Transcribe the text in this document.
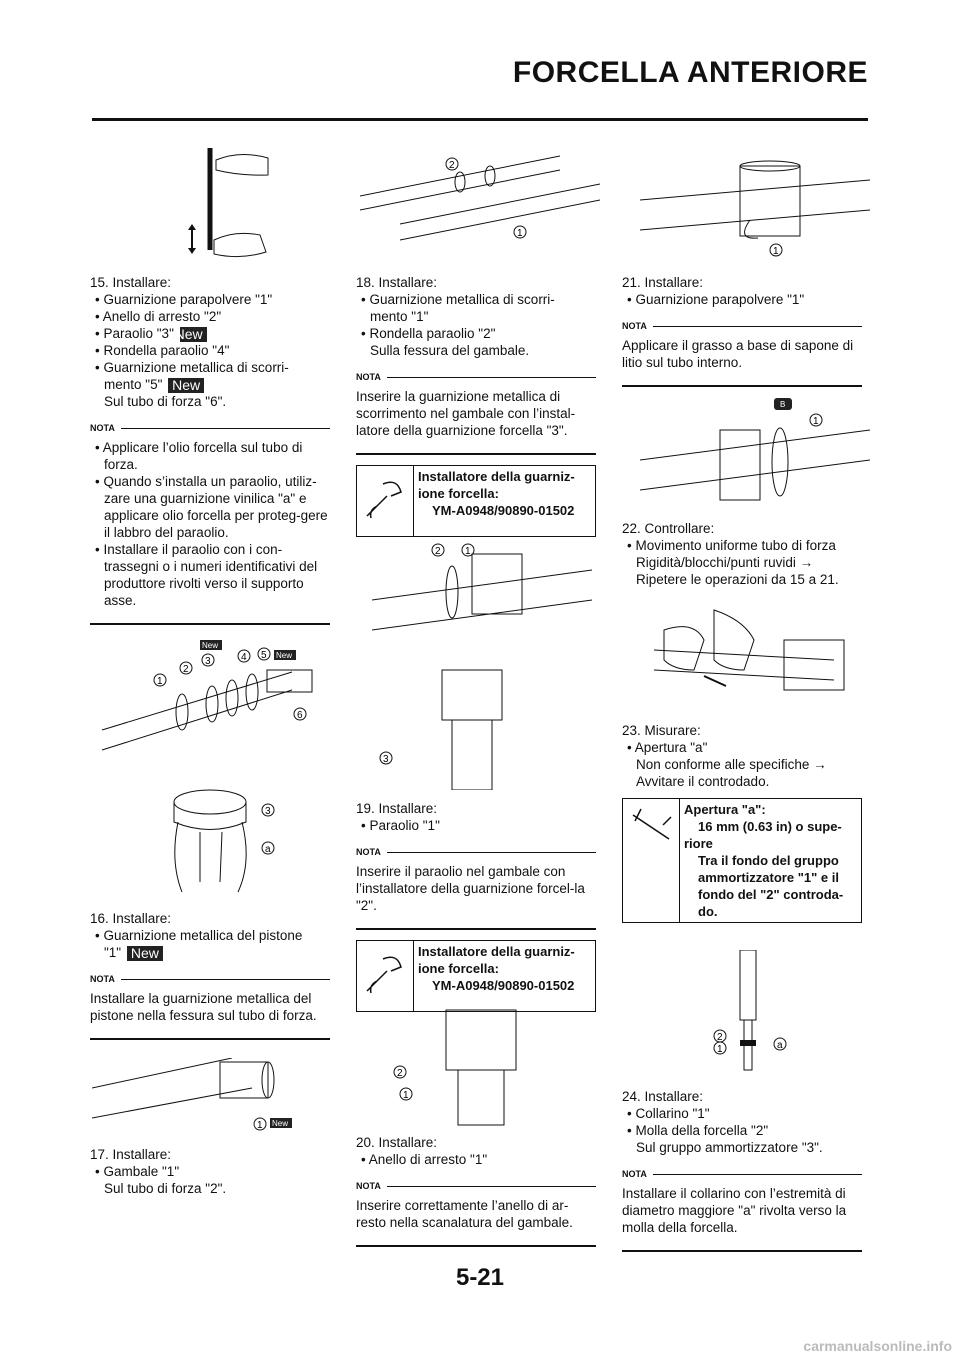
FORCELLA ANTERIORE
15. Installare:
• Guarnizione parapolvere "1"
• Anello di arresto "2"
• Paraolio "3" New
• Rondella paraolio "4"
• Guarnizione metallica di scorri-
mento "5" New
Sul tubo di forza "6".
NOTA
• Applicare l’olio forcella sul tubo di forza.
• Quando s’installa un paraolio, utiliz-zare una guarnizione vinilica "a" e applicare olio forcella per proteg-gere il labbro del paraolio.
• Installare il paraolio con i con-trassegni o i numeri identificativi del produttore rivolti verso il supporto asse.
1
2
3	4 5
6
New
New
3
a
16. Installare:
• Guarnizione metallica del pistone
"1" New
NOTA
Installare la guarnizione metallica del pistone nella fessura sul tubo di forza.
1 New
17. Installare:
• Gambale "1"
Sul tubo di forza "2".
2
1
18. Installare:
• Guarnizione metallica di scorri-
mento "1"
• Rondella paraolio "2"
Sulla fessura del gambale.
NOTA
Inserire la guarnizione metallica di scorrimento nel gambale con l’instal-latore della guarnizione forcella "3".
Installatore della guarniz-
ione forcella:
YM-A0948/90890-01502
2 1
3
19. Installare:
• Paraolio "1"
NOTA
Inserire il paraolio nel gambale con l’installatore della guarnizione forcel-la "2".
Installatore della guarniz-
ione forcella:
YM-A0948/90890-01502
2
1
20. Installare:
• Anello di arresto "1"
NOTA
Inserire correttamente l’anello di ar-resto nella scanalatura del gambale.
1
21. Installare:
• Guarnizione parapolvere "1"
NOTA
Applicare il grasso a base di sapone di litio sul tubo interno.
B
1
22. Controllare:
• Movimento uniforme tubo di forza
Rigidità/blocchi/punti ruvidi →
Ripetere le operazioni da 15 a 21.
23. Misurare:
• Apertura "a"
Non conforme alle specifiche →
Avvitare il controdado.
Apertura "a":
16 mm (0.63 in) o supe-
riore
Tra il fondo del gruppo
ammortizzatore "1" e il
fondo del "2" controda-
do.
2
1	a
24. Installare:
• Collarino "1"
• Molla della forcella "2"
Sul gruppo ammortizzatore "3".
NOTA
Installare il collarino con l’estremità di diametro maggiore "a" rivolta verso la molla della forcella.
5-21
carmanualsonline.info
